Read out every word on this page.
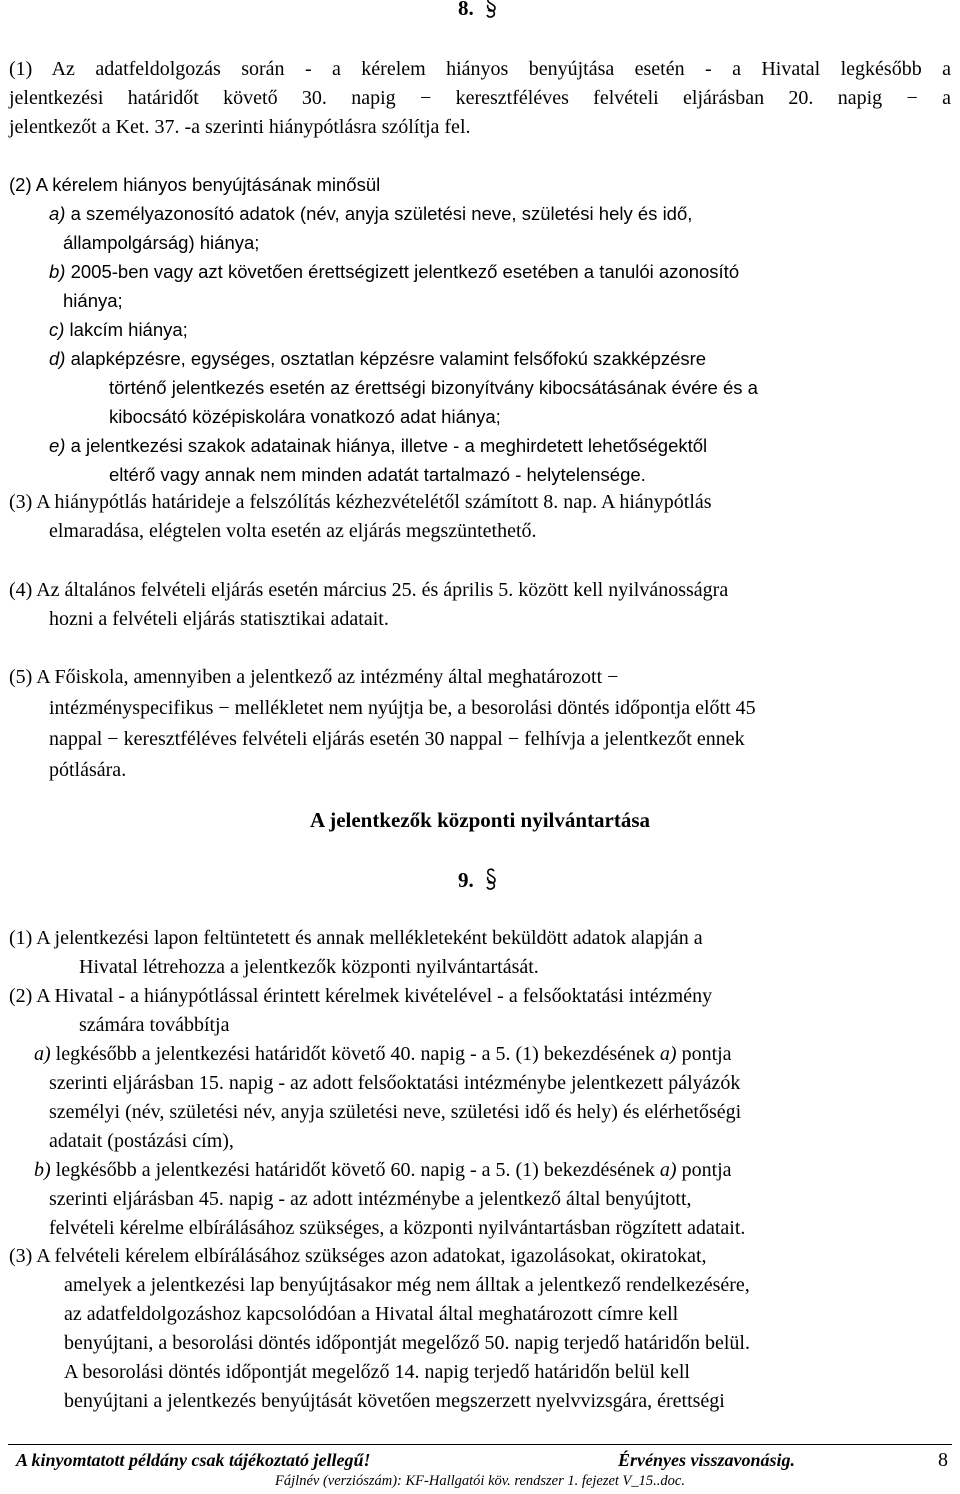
8.
(1) Az adatfeldolgozás során - a kérelem hiányos benyújtása esetén - a Hivatal legkésőbb a
jelentkezési határidőt követő 30. napig − keresztféléves felvételi eljárásban 20. napig − a
jelentkezőt a Ket. 37. -a szerinti hiánypótlásra szólítja fel.
(2) A kérelem hiányos benyújtásának minősül
a) a személyazonosító adatok (név, anyja születési neve, születési hely és idő,
állampolgárság) hiánya;
b) 2005-ben vagy azt követően érettségizett jelentkező esetében a tanulói azonosító
hiánya;
c) lakcím hiánya;
d) alapképzésre, egységes, osztatlan képzésre valamint felsőfokú szakképzésre
történő jelentkezés esetén az érettségi bizonyítvány kibocsátásának évére és a
kibocsátó középiskolára vonatkozó adat hiánya;
e) a jelentkezési szakok adatainak hiánya, illetve - a meghirdetett lehetőségektől
eltérő vagy annak nem minden adatát tartalmazó - helytelensége.
(3) A hiánypótlás határideje a felszólítás kézhezvételétől számított 8. nap. A hiánypótlás
elmaradása, elégtelen volta esetén az eljárás megszüntethető.
(4) Az általános felvételi eljárás esetén március 25. és április 5. között kell nyilvánosságra
hozni a felvételi eljárás statisztikai adatait.
(5) A Főiskola, amennyiben a jelentkező az intézmény által meghatározott −
intézményspecifikus − mellékletet nem nyújtja be, a besorolási döntés időpontja előtt 45
nappal − keresztféléves felvételi eljárás esetén 30 nappal − felhívja a jelentkezőt ennek
pótlására.
A jelentkezők központi nyilvántartása
9.
(1) A jelentkezési lapon feltüntetett és annak mellékleteként beküldött adatok alapján a
Hivatal létrehozza a jelentkezők központi nyilvántartását.
(2) A Hivatal - a hiánypótlással érintett kérelmek kivételével - a felsőoktatási intézmény
számára továbbítja
a) legkésőbb a jelentkezési határidőt követő 40. napig - a 5. (1) bekezdésének a) pontja
szerinti eljárásban 15. napig - az adott felsőoktatási intézménybe jelentkezett pályázók
személyi (név, születési név, anyja születési neve, születési idő és hely) és elérhetőségi
adatait (postázási cím),
b) legkésőbb a jelentkezési határidőt követő 60. napig - a 5. (1) bekezdésének a) pontja
szerinti eljárásban 45. napig - az adott intézménybe a jelentkező által benyújtott,
felvételi kérelme elbírálásához szükséges, a központi nyilvántartásban rögzített adatait.
(3) A felvételi kérelem elbírálásához szükséges azon adatokat, igazolásokat, okiratokat,
amelyek a jelentkezési lap benyújtásakor még nem álltak a jelentkező rendelkezésére,
az adatfeldolgozáshoz kapcsolódóan a Hivatal által meghatározott címre kell
benyújtani, a besorolási döntés időpontját megelőző 50. napig terjedő határidőn belül.
A besorolási döntés időpontját megelőző 14. napig terjedő határidőn belül kell
benyújtani a jelentkezés benyújtását követően megszerzett nyelvvizsgára, érettségi
A kinyomtatott példány csak tájékoztató jellegű!	Érvényes visszavonásig.	8
Fájlnév (verziószám): KF-Hallgatói köv. rendszer 1. fejezet V_15..doc.
